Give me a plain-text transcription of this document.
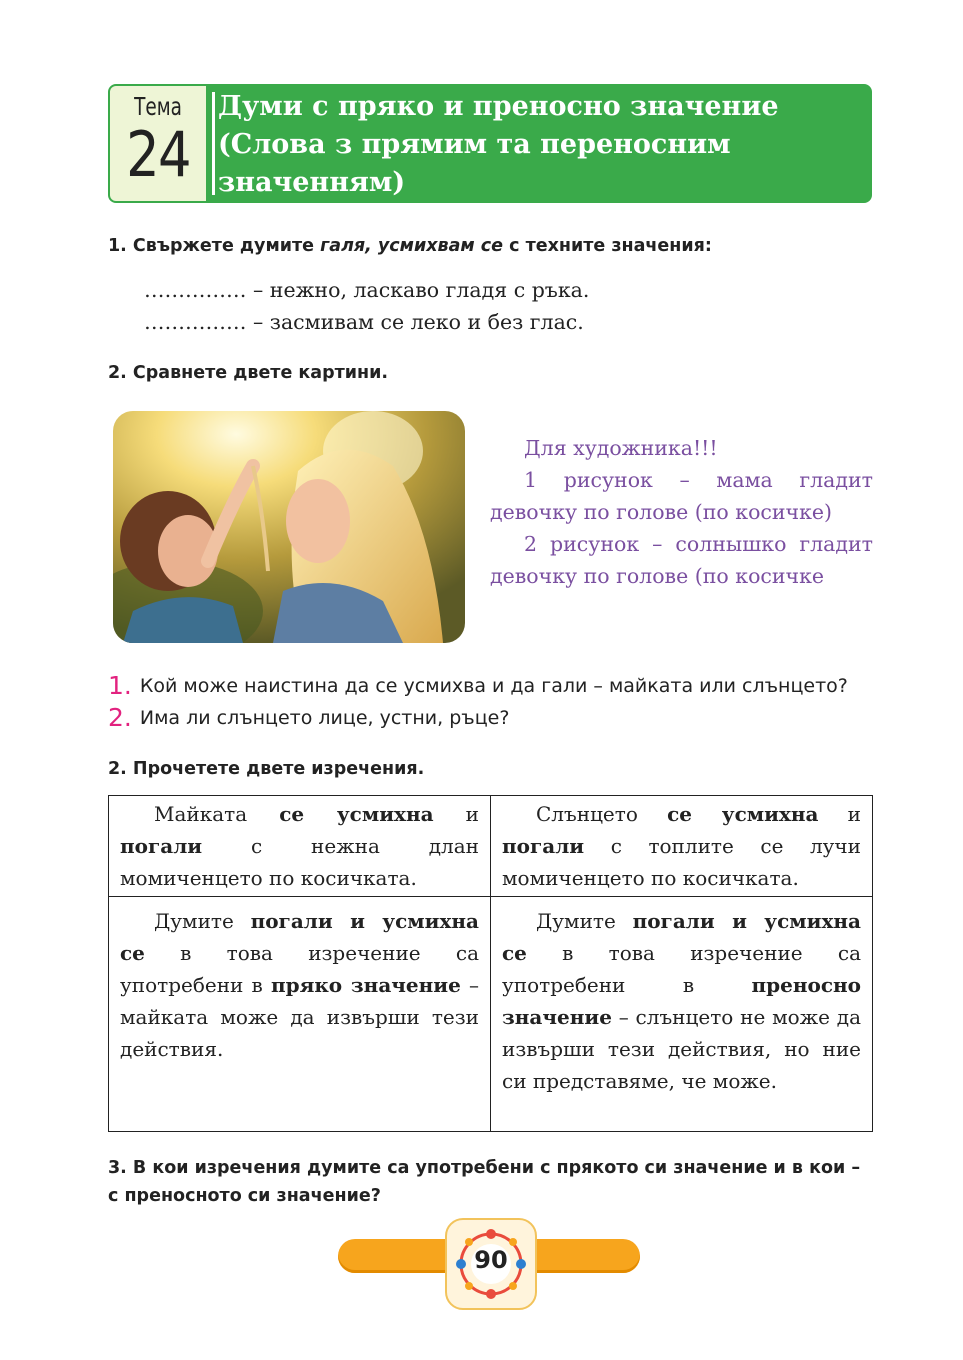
Тема
24
Думи с пряко и преносно значение
(Слова з прямим та переносним
значенням)
1. Свържете думите галя, усмихвам се с техните значения:
…………… – нежно, ласкаво гладя с ръка.
…………… – засмивам се леко и без глас.
2. Сравнете двете картини.

Для художника!!!

1 рисунок – мама гладит девочку по голове (по косичке)

2 рисунок – солнышко гладит девочку по голове (по косичке

1. Кой може наистина да се усмихва и да гали – майката или слънцето?
2. Има ли слънцето лице, устни, ръце?
2. Прочетете двете изречения.
Майката се усмихна и погали с нежна длан момиченцето по косичката.	Слънцето се усмихна и погали с топлите се лучи момиченцето по косичката.

Думите погали и усмихна се в това изречение са употребени в пряко значение – майката може да извърши тези действия.	Думите погали и усмихна се в това изречение са употребени в преносно значение – слънцето не може да извърши тези действия, но ние си представяме, че може.
3. В кои изречения думите са употребени с прякото си значение и в кои –
с преносното си значение?
90
